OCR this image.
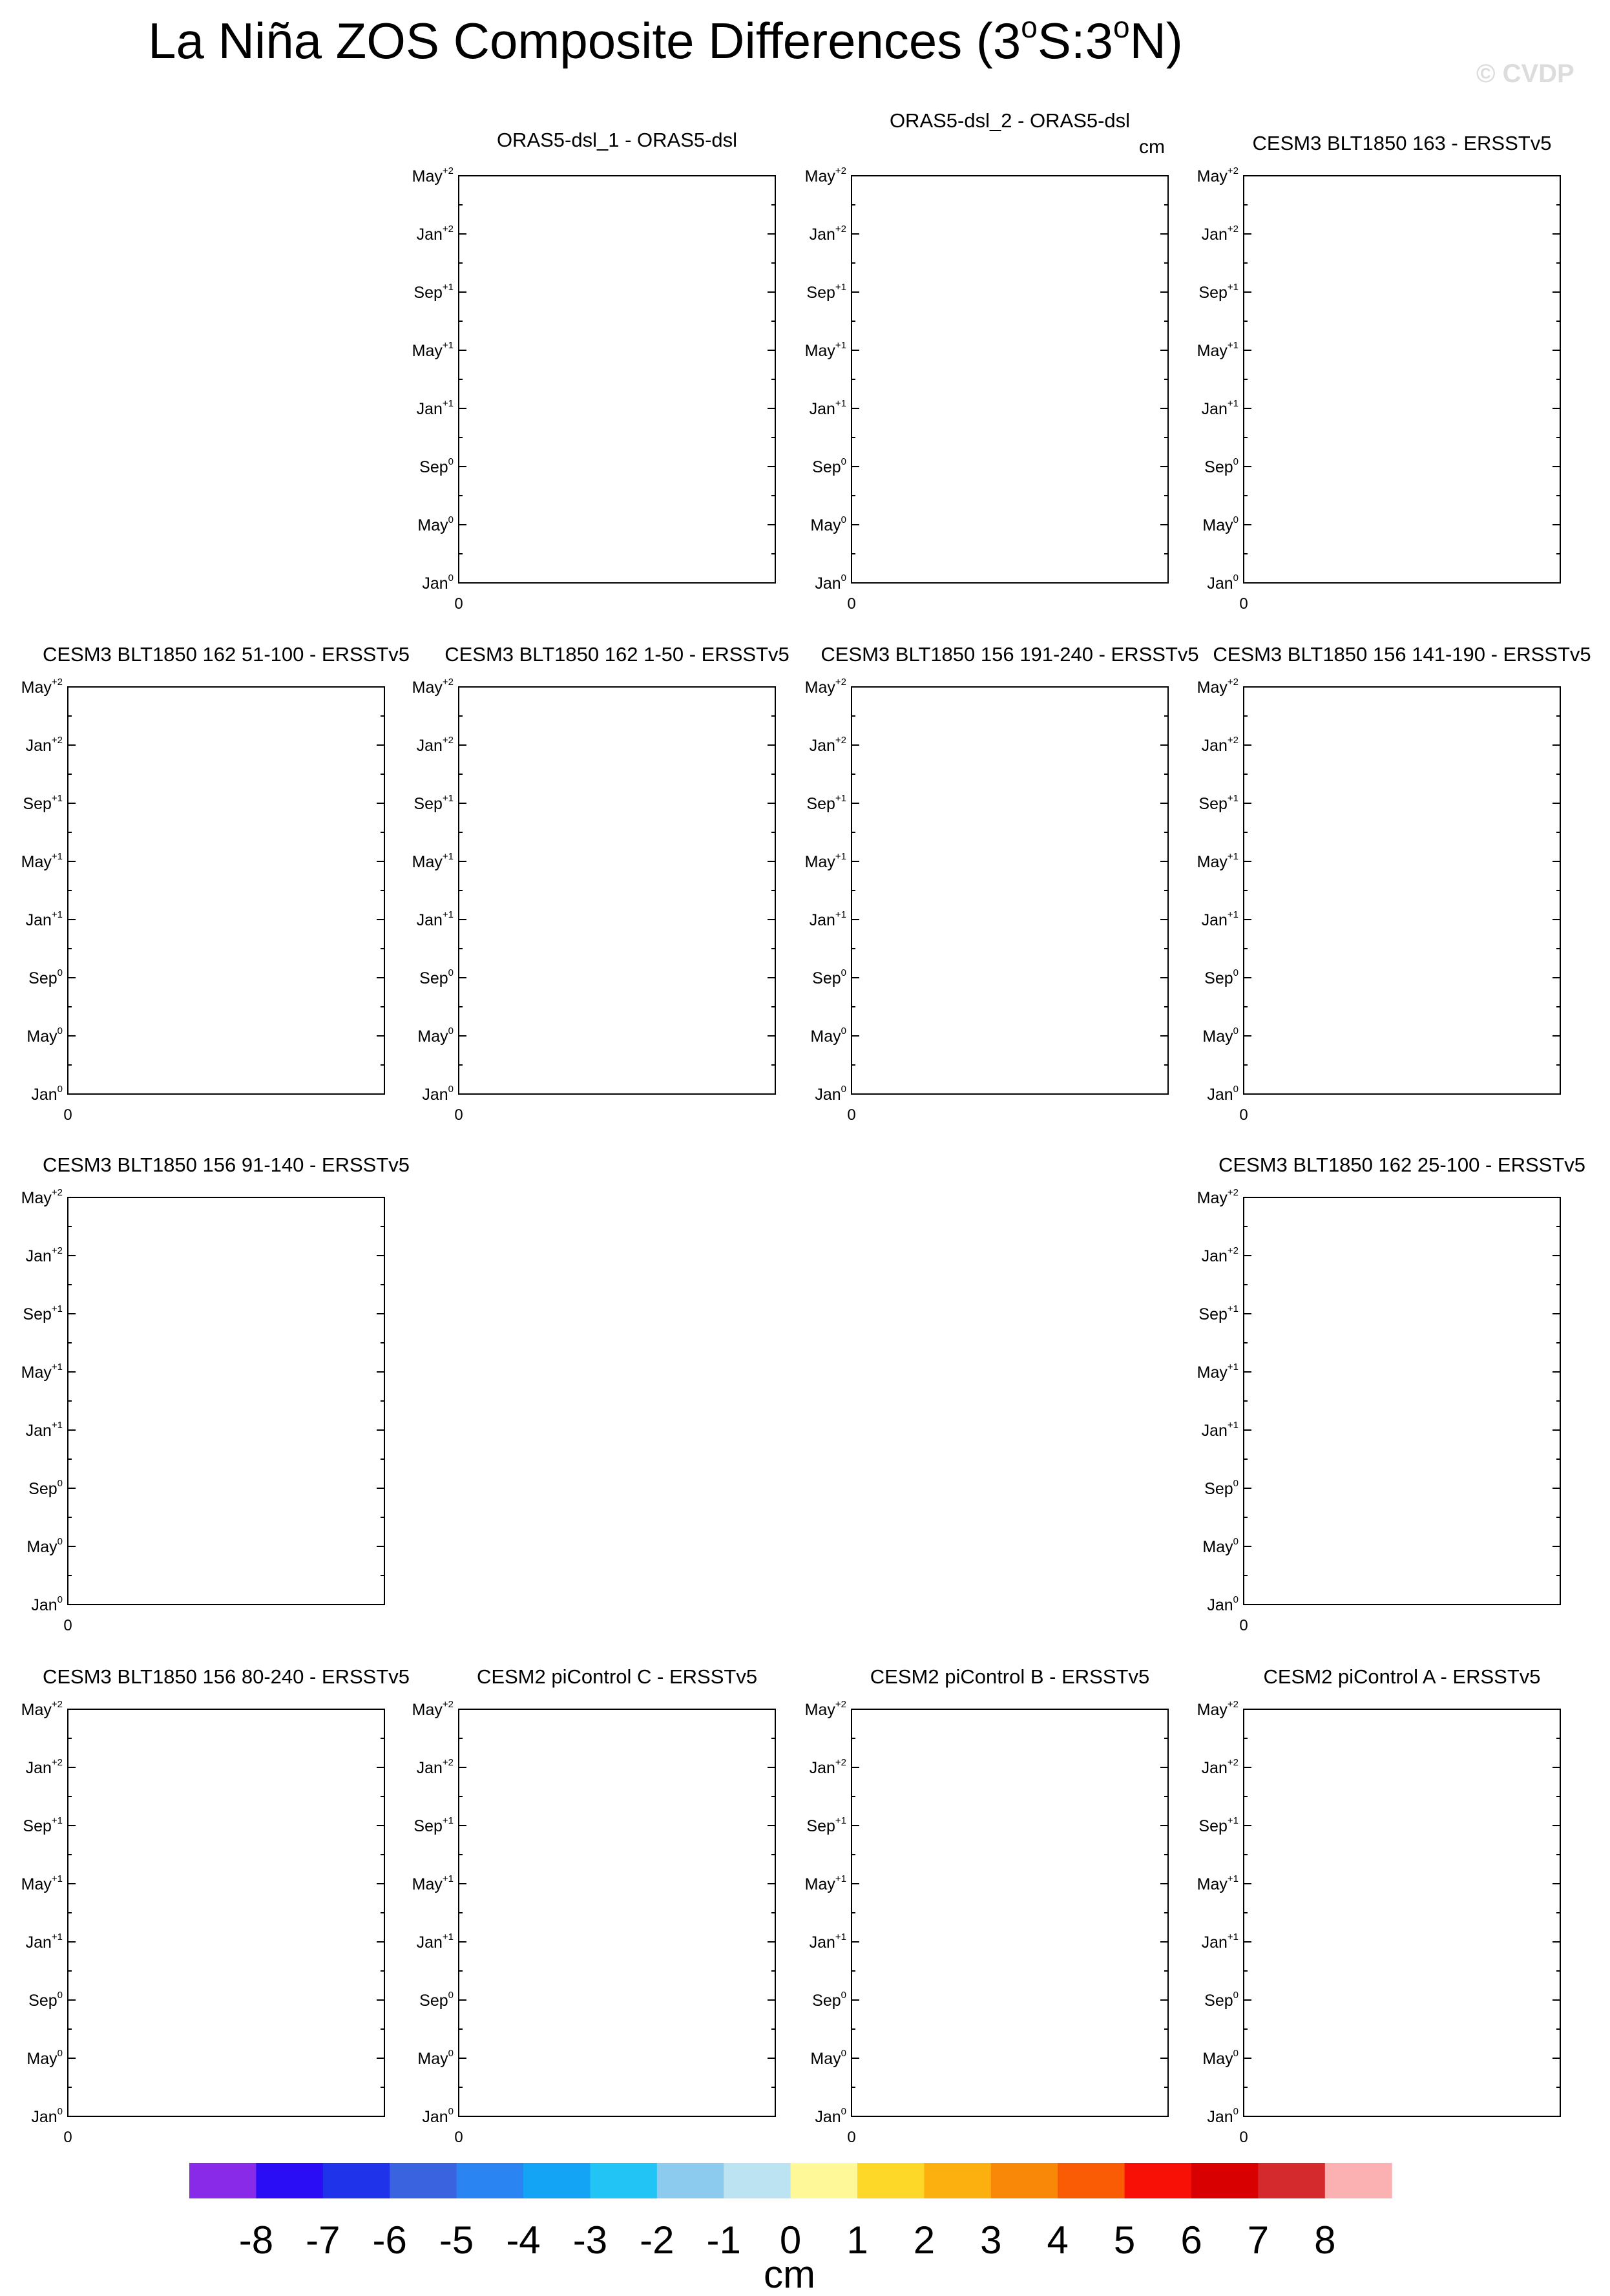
La Niña ZOS Composite Differences (3$^o$S:3$^o$N)
© CVDP
ORAS5-dsl_1 - ORAS5-dsl
Jan$^0$
May$^0$
Sep$^0$
Jan$^{+1}$
May$^{+1}$
Sep$^{+1}$
Jan$^{+2}$
May$^{+2}$
0
ORAS5-dsl_2 - ORAS5-dsl
cm
Jan$^0$
May$^0$
Sep$^0$
Jan$^{+1}$
May$^{+1}$
Sep$^{+1}$
Jan$^{+2}$
May$^{+2}$
0
CESM3 BLT1850 163 - ERSSTv5
Jan$^0$
May$^0$
Sep$^0$
Jan$^{+1}$
May$^{+1}$
Sep$^{+1}$
Jan$^{+2}$
May$^{+2}$
0
CESM3 BLT1850 162 51-100 - ERSSTv5
Jan$^0$
May$^0$
Sep$^0$
Jan$^{+1}$
May$^{+1}$
Sep$^{+1}$
Jan$^{+2}$
May$^{+2}$
0
CESM3 BLT1850 162 1-50 - ERSSTv5
Jan$^0$
May$^0$
Sep$^0$
Jan$^{+1}$
May$^{+1}$
Sep$^{+1}$
Jan$^{+2}$
May$^{+2}$
0
CESM3 BLT1850 156 191-240 - ERSSTv5
Jan$^0$
May$^0$
Sep$^0$
Jan$^{+1}$
May$^{+1}$
Sep$^{+1}$
Jan$^{+2}$
May$^{+2}$
0
CESM3 BLT1850 156 141-190 - ERSSTv5
Jan$^0$
May$^0$
Sep$^0$
Jan$^{+1}$
May$^{+1}$
Sep$^{+1}$
Jan$^{+2}$
May$^{+2}$
0
CESM3 BLT1850 156 91-140 - ERSSTv5
Jan$^0$
May$^0$
Sep$^0$
Jan$^{+1}$
May$^{+1}$
Sep$^{+1}$
Jan$^{+2}$
May$^{+2}$
0
CESM3 BLT1850 162 25-100 - ERSSTv5
Jan$^0$
May$^0$
Sep$^0$
Jan$^{+1}$
May$^{+1}$
Sep$^{+1}$
Jan$^{+2}$
May$^{+2}$
0
CESM3 BLT1850 156 80-240 - ERSSTv5
Jan$^0$
May$^0$
Sep$^0$
Jan$^{+1}$
May$^{+1}$
Sep$^{+1}$
Jan$^{+2}$
May$^{+2}$
0
CESM2 piControl C - ERSSTv5
Jan$^0$
May$^0$
Sep$^0$
Jan$^{+1}$
May$^{+1}$
Sep$^{+1}$
Jan$^{+2}$
May$^{+2}$
0
CESM2 piControl B - ERSSTv5
Jan$^0$
May$^0$
Sep$^0$
Jan$^{+1}$
May$^{+1}$
Sep$^{+1}$
Jan$^{+2}$
May$^{+2}$
0
CESM2 piControl A - ERSSTv5
Jan$^0$
May$^0$
Sep$^0$
Jan$^{+1}$
May$^{+1}$
Sep$^{+1}$
Jan$^{+2}$
May$^{+2}$
0
-8 -7 -6 -5 -4 -3 -2 -1 0 1 2 3 4 5 6 7 8
cm
